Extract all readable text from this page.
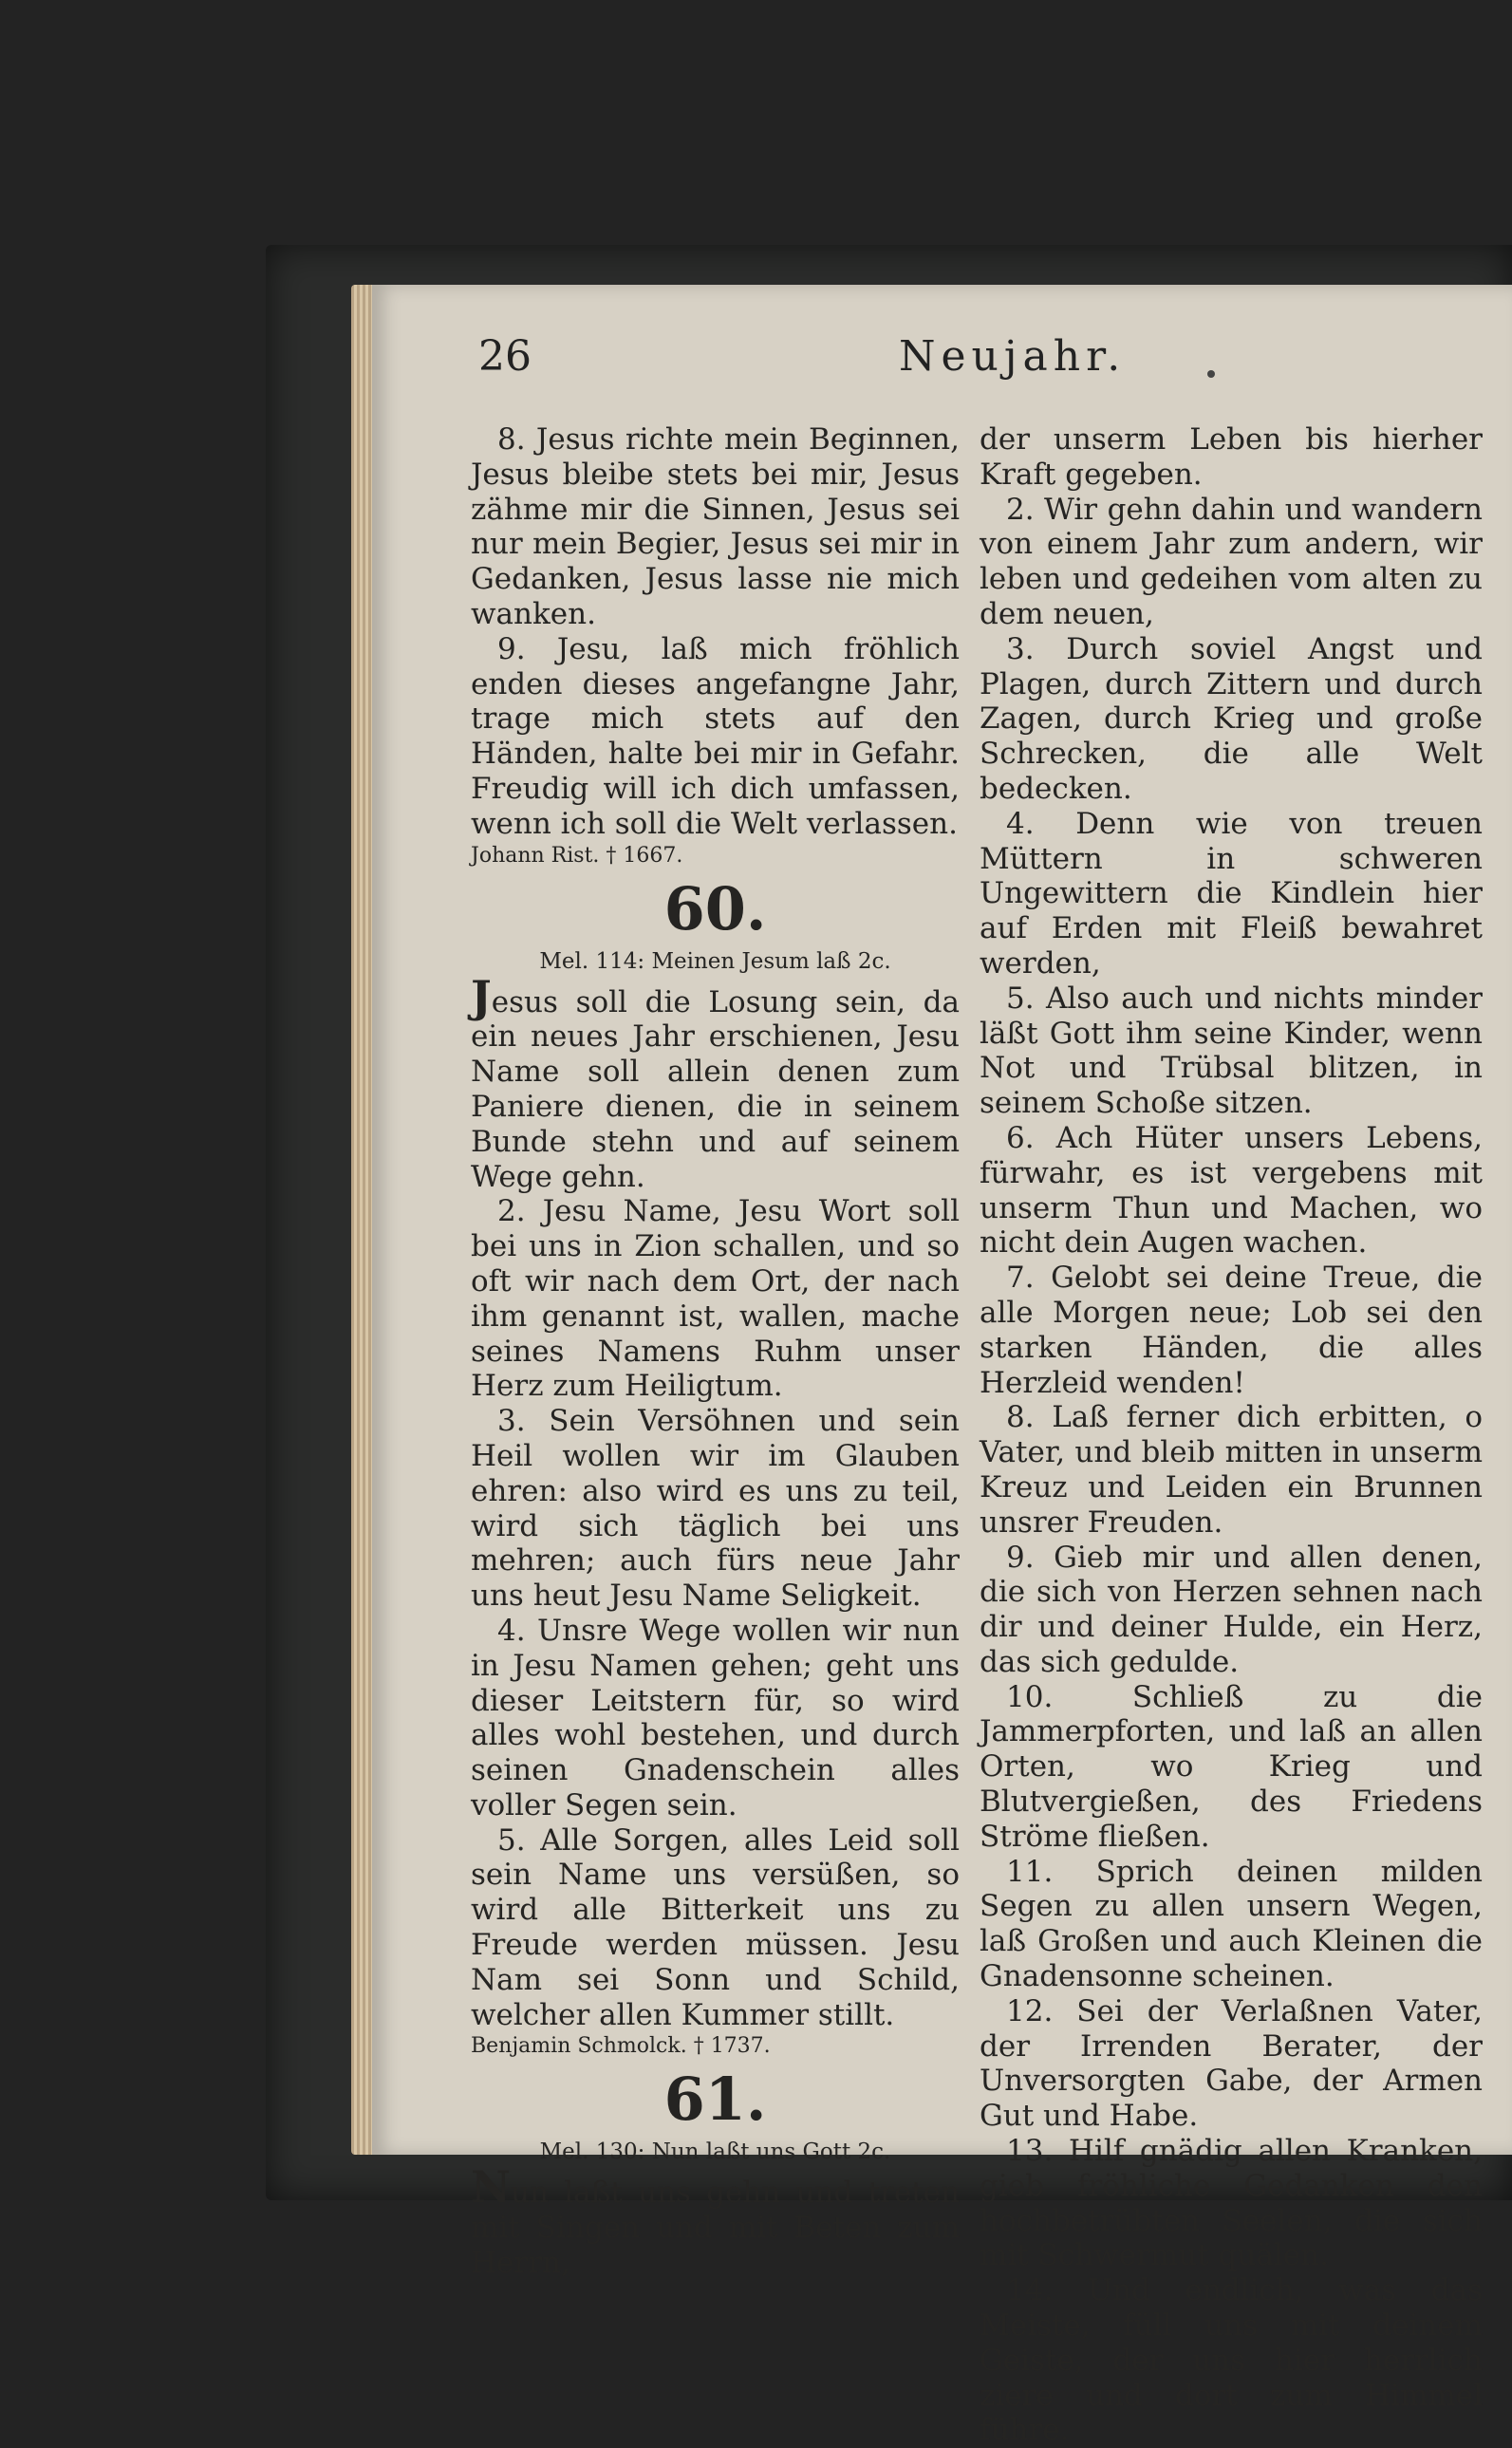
26	Neujahr.

8. Jesus richte mein Beginnen, Jesus bleibe stets bei mir, Jesus zähme mir die Sinnen, Jesus sei nur mein Begier, Jesus sei mir in Gedanken, Jesus lasse nie mich wanken.

9. Jesu, laß mich fröhlich enden dieses angefangne Jahr, trage mich stets auf den Händen, halte bei mir in Gefahr. Freudig will ich dich umfassen, wenn ich soll die Welt verlassen.

Johann Rist. † 1667.

60.
Mel. 114: Meinen Jesum laß 2c.

Jesus soll die Losung sein, da ein neues Jahr erschienen, Jesu Name soll allein denen zum Paniere dienen, die in seinem Bunde stehn und auf seinem Wege gehn.

2. Jesu Name, Jesu Wort soll bei uns in Zion schallen, und so oft wir nach dem Ort, der nach ihm genannt ist, wallen, mache seines Namens Ruhm unser Herz zum Heiligtum.

3. Sein Versöhnen und sein Heil wollen wir im Glauben ehren: also wird es uns zu teil, wird sich täglich bei uns mehren; auch fürs neue Jahr uns heut Jesu Name Seligkeit.

4. Unsre Wege wollen wir nun in Jesu Namen gehen; geht uns dieser Leitstern für, so wird alles wohl bestehen, und durch seinen Gnadenschein alles voller Segen sein.

5. Alle Sorgen, alles Leid soll sein Name uns versüßen, so wird alle Bitterkeit uns zu Freude werden müssen. Jesu Nam sei Sonn und Schild, welcher allen Kummer stillt.

Benjamin Schmolck. † 1737.

61.
Mel. 130: Nun laßt uns Gott 2c.

Nun laßt uns gehn und treten mit Singen und mit Beten zum Herrn,

der unserm Leben bis hierher Kraft gegeben.

2. Wir gehn dahin und wandern von einem Jahr zum andern, wir leben und gedeihen vom alten zu dem neuen,

3. Durch soviel Angst und Plagen, durch Zittern und durch Zagen, durch Krieg und große Schrecken, die alle Welt bedecken.

4. Denn wie von treuen Müttern in schweren Ungewittern die Kindlein hier auf Erden mit Fleiß bewahret werden,

5. Also auch und nichts minder läßt Gott ihm seine Kinder, wenn Not und Trübsal blitzen, in seinem Schoße sitzen.

6. Ach Hüter unsers Lebens, fürwahr, es ist vergebens mit unserm Thun und Machen, wo nicht dein Augen wachen.

7. Gelobt sei deine Treue, die alle Morgen neue; Lob sei den starken Händen, die alles Herzleid wenden!

8. Laß ferner dich erbitten, o Vater, und bleib mitten in unserm Kreuz und Leiden ein Brunnen unsrer Freuden.

9. Gieb mir und allen denen, die sich von Herzen sehnen nach dir und deiner Hulde, ein Herz, das sich gedulde.

10. Schließ zu die Jammerpforten, und laß an allen Orten, wo Krieg und Blutvergießen, des Friedens Ströme fließen.

11. Sprich deinen milden Segen zu allen unsern Wegen, laß Großen und auch Kleinen die Gnadensonne scheinen.

12. Sei der Verlaßnen Vater, der Irrenden Berater, der Unversorgten Gabe, der Armen Gut und Habe.

13. Hilf gnädig allen Kranken, gieb fröhliche Gedanken den hochbetrübten Seelen, die sich mit Schwermut quälen.

14. Und endlich, was das Meiste, füll uns mit deinem Geiste, der uns hier herrlich ziere und dort zum Himmel führe.
